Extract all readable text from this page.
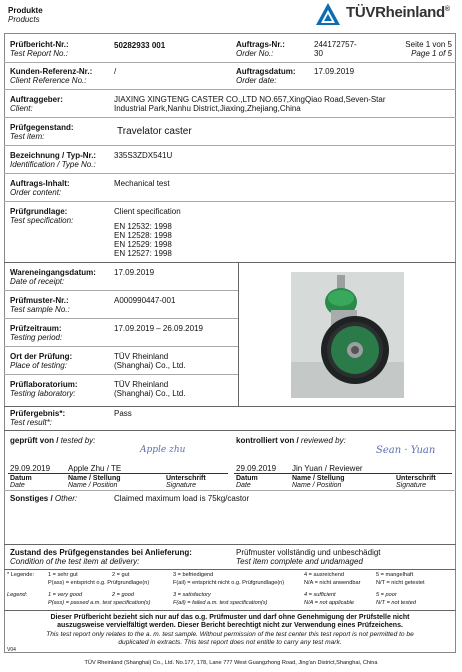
Produkte
Products	TÜVRheinland®
Prüfbericht-Nr.:
Test Report No.:
50282933 001	Auftrags-Nr.:
Order No.:
244172757-
30
Seite 1 von 5
Page 1 of 5
Kunden-Referenz-Nr.:
Client Reference No.:
/	Auftragsdatum:
Order date:
17.09.2019
Auftraggeber:
Client:
JIAXING XINGTENG CASTER CO.,LTD NO.657,XingQiao Road,Seven-Star
Industrial Park,Nanhu District,Jiaxing,Zhejiang,China
Prüfgegenstand:
Test item:	Travelator caster
Bezeichnung / Typ-Nr.:
Identification / Type No.:
335S3ZDX541U
Auftrags-Inhalt:
Order content:
Mechanical test
Prüfgrundlage:
Test specification:
Client specification
EN 12532: 1998
EN 12528: 1998
EN 12529: 1998
EN 12527: 1998
Wareneingangsdatum:
Date of receipt:
17.09.2019
Prüfmuster-Nr.:
Test sample No.:
A000990447-001
Prüfzeitraum:
Testing period:
17.09.2019 – 26.09.2019
Ort der Prüfung:
Place of testing:
TÜV Rheinland
(Shanghai) Co., Ltd.
Prüflaboratorium:
Testing laboratory:
TÜV Rheinland
(Shanghai) Co., Ltd.
Prüfergebnis*:
Test result*:
Pass
geprüft von / tested by:	kontrolliert von / reviewed by:
Apple zhu	Sean · Yuan
29.09.2019 Apple Zhu / TE	29.09.2019 Jin Yuan / Reviewer
Datum
Date
Name / Stellung
Name / Position
Unterschrift
Signature
Datum
Date
Name / Stellung
Name / Position
Unterschrift
Signature
Sonstiges / Other:	Claimed maximum load is 75kg/castor
Zustand des Prüfgegenstandes bei Anlieferung:
Condition of the test item at delivery:
Prüfmuster vollständig und unbeschädigt
Test item complete and undamaged
* Legende: 1 = sehr gut	2 = gut	3 = befriedigend	4 = ausreichend	5 = mangelhaft
P(ass) = entspricht o.g. Prüfgrundlage(n)	F(ail) = entspricht nicht o.g. Prüfgrundlage(n)	N/A = nicht anwendbar	N/T = nicht getestet
Legend:	1 = very good	2 = good	3 = satisfactory	4 = sufficient	5 = poor
P(ass) = passed a.m. test specification(s)	F(ail) = failed a.m. test specification(s)	N/A = not applicable	N/T = not tested
Dieser Prüfbericht bezieht sich nur auf das o.g. Prüfmuster und darf ohne Genehmigung der Prüfstelle nicht
auszugsweise vervielfältigt werden. Dieser Bericht berechtigt nicht zur Verwendung eines Prüfzeichens.
This test report only relates to the a. m. test sample. Without permission of the test center this test report is not permitted to be
duplicated in extracts. This test report does not entitle to carry any test mark.
V04
TÜV Rheinland (Shanghai) Co., Ltd. No.177, 178, Lane 777 West Guangzhong Road, Jing'an District,Shanghai, China
